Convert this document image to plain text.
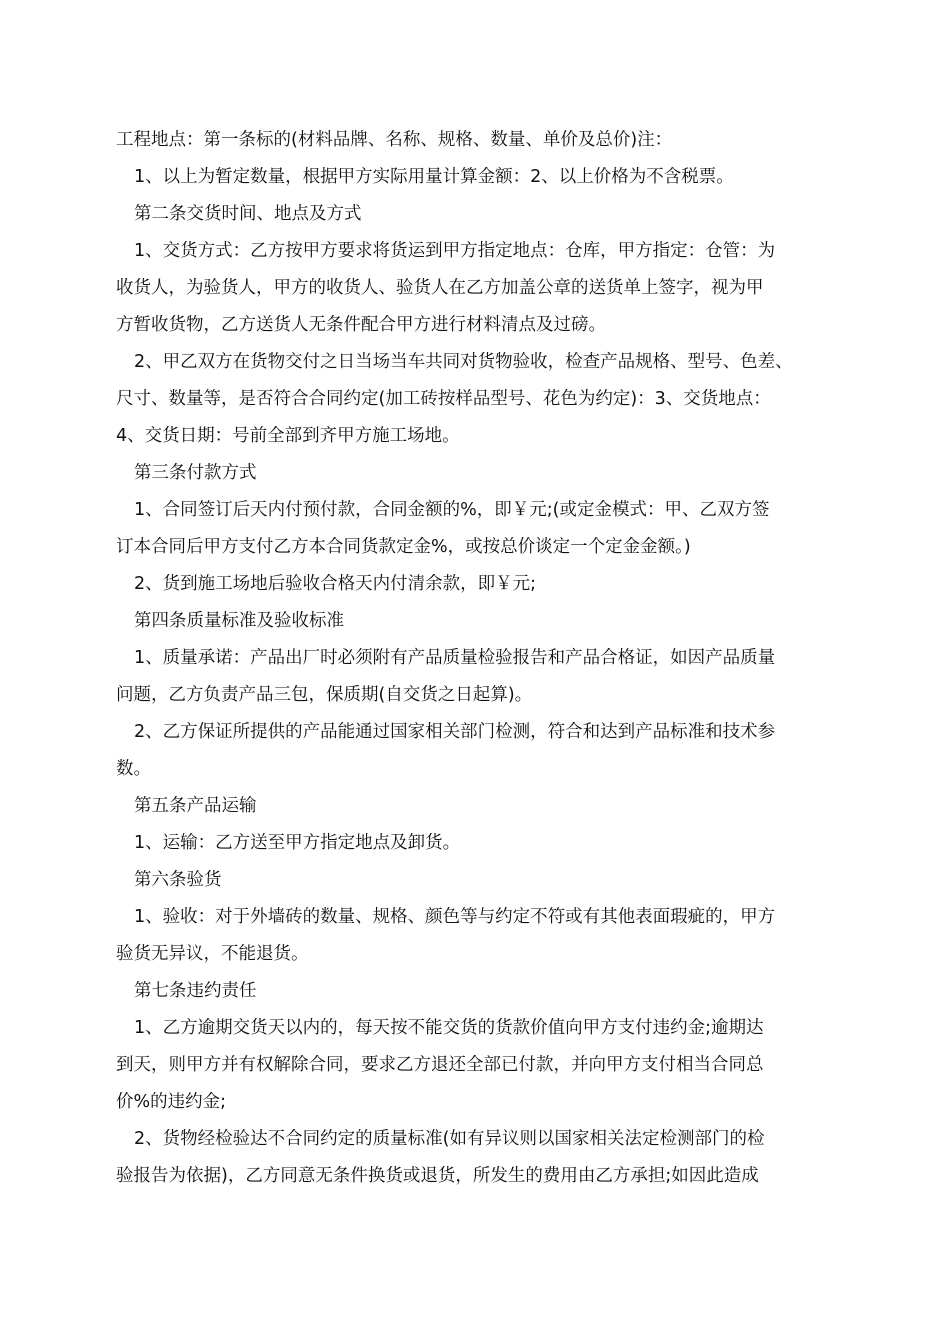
工程地点：第一条标的(材料品牌、名称、规格、数量、单价及总价)注：
1、以上为暂定数量，根据甲方实际用量计算金额：2、以上价格为不含税票。
第二条交货时间、地点及方式
1、交货方式：乙方按甲方要求将货运到甲方指定地点：仓库，甲方指定：仓管：为
收货人，为验货人，甲方的收货人、验货人在乙方加盖公章的送货单上签字，视为甲
方暂收货物，乙方送货人无条件配合甲方进行材料清点及过磅。
2、甲乙双方在货物交付之日当场当车共同对货物验收，检查产品规格、型号、色差、
尺寸、数量等，是否符合合同约定(加工砖按样品型号、花色为约定)：3、交货地点：
4、交货日期：号前全部到齐甲方施工场地。
第三条付款方式
1、合同签订后天内付预付款，合同金额的%，即￥元;(或定金模式：甲、乙双方签
订本合同后甲方支付乙方本合同货款定金%，或按总价谈定一个定金金额。)
2、货到施工场地后验收合格天内付清余款，即￥元;
第四条质量标准及验收标准
1、质量承诺：产品出厂时必须附有产品质量检验报告和产品合格证，如因产品质量
问题，乙方负责产品三包，保质期(自交货之日起算)。
2、乙方保证所提供的产品能通过国家相关部门检测，符合和达到产品标准和技术参
数。
第五条产品运输
1、运输：乙方送至甲方指定地点及卸货。
第六条验货
1、验收：对于外墙砖的数量、规格、颜色等与约定不符或有其他表面瑕疵的，甲方
验货无异议，不能退货。
第七条违约责任
1、乙方逾期交货天以内的，每天按不能交货的货款价值向甲方支付违约金;逾期达
到天，则甲方并有权解除合同，要求乙方退还全部已付款，并向甲方支付相当合同总
价%的违约金;
2、货物经检验达不合同约定的质量标准(如有异议则以国家相关法定检测部门的检
验报告为依据)，乙方同意无条件换货或退货，所发生的费用由乙方承担;如因此造成
